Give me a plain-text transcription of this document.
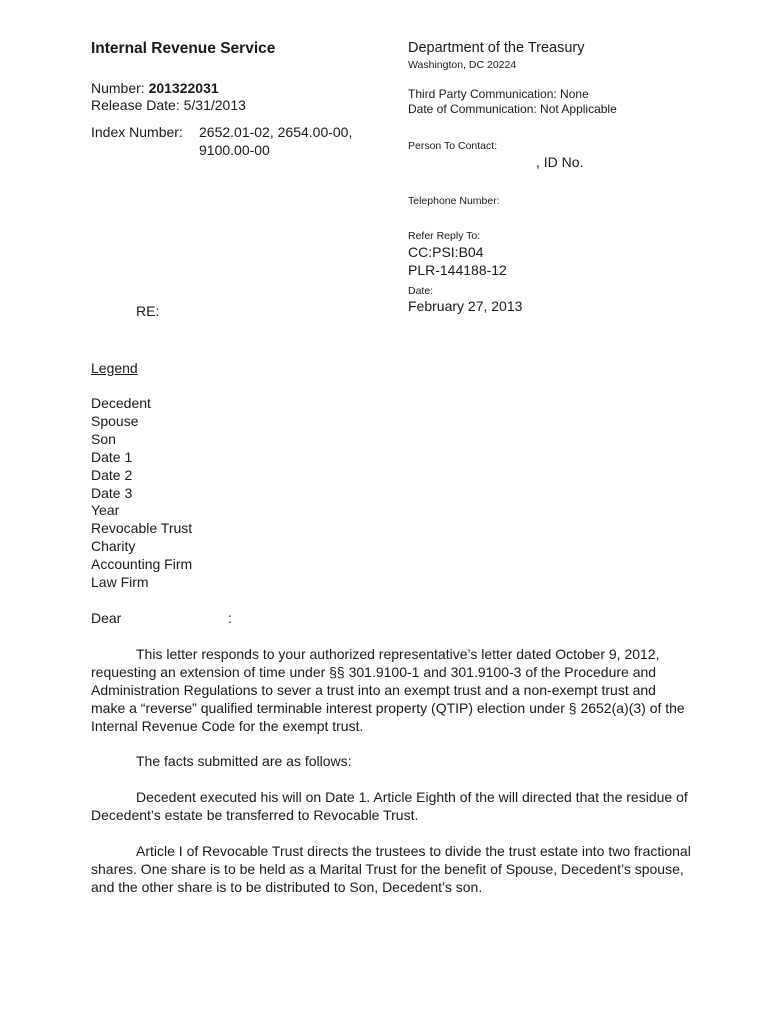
Internal Revenue Service
Number: 201322031
Release Date: 5/31/2013
Index Number: 2652.01-02, 2654.00-00,
9100.00-00
Department of the Treasury
Washington, DC 20224
Third Party Communication: None
Date of Communication: Not Applicable
Person To Contact:
, ID No.
Telephone Number:
Refer Reply To:
CC:PSI:B04
PLR-144188-12
Date:
February 27, 2013
RE:
Legend
Decedent
Spouse
Son
Date 1
Date 2
Date 3
Year
Revocable Trust
Charity
Accounting Firm
Law Firm
Dear	:

This letter responds to your authorized representative’s letter dated October 9, 2012, requesting an extension of time under §§ 301.9100-1 and 301.9100-3 of the Procedure and Administration Regulations to sever a trust into an exempt trust and a non-exempt trust and make a “reverse” qualified terminable interest property (QTIP) election under § 2652(a)(3) of the Internal Revenue Code for the exempt trust.

The facts submitted are as follows:

Decedent executed his will on Date 1. Article Eighth of the will directed that the residue of Decedent’s estate be transferred to Revocable Trust.

Article I of Revocable Trust directs the trustees to divide the trust estate into two fractional shares. One share is to be held as a Marital Trust for the benefit of Spouse, Decedent’s spouse, and the other share is to be distributed to Son, Decedent’s son.
